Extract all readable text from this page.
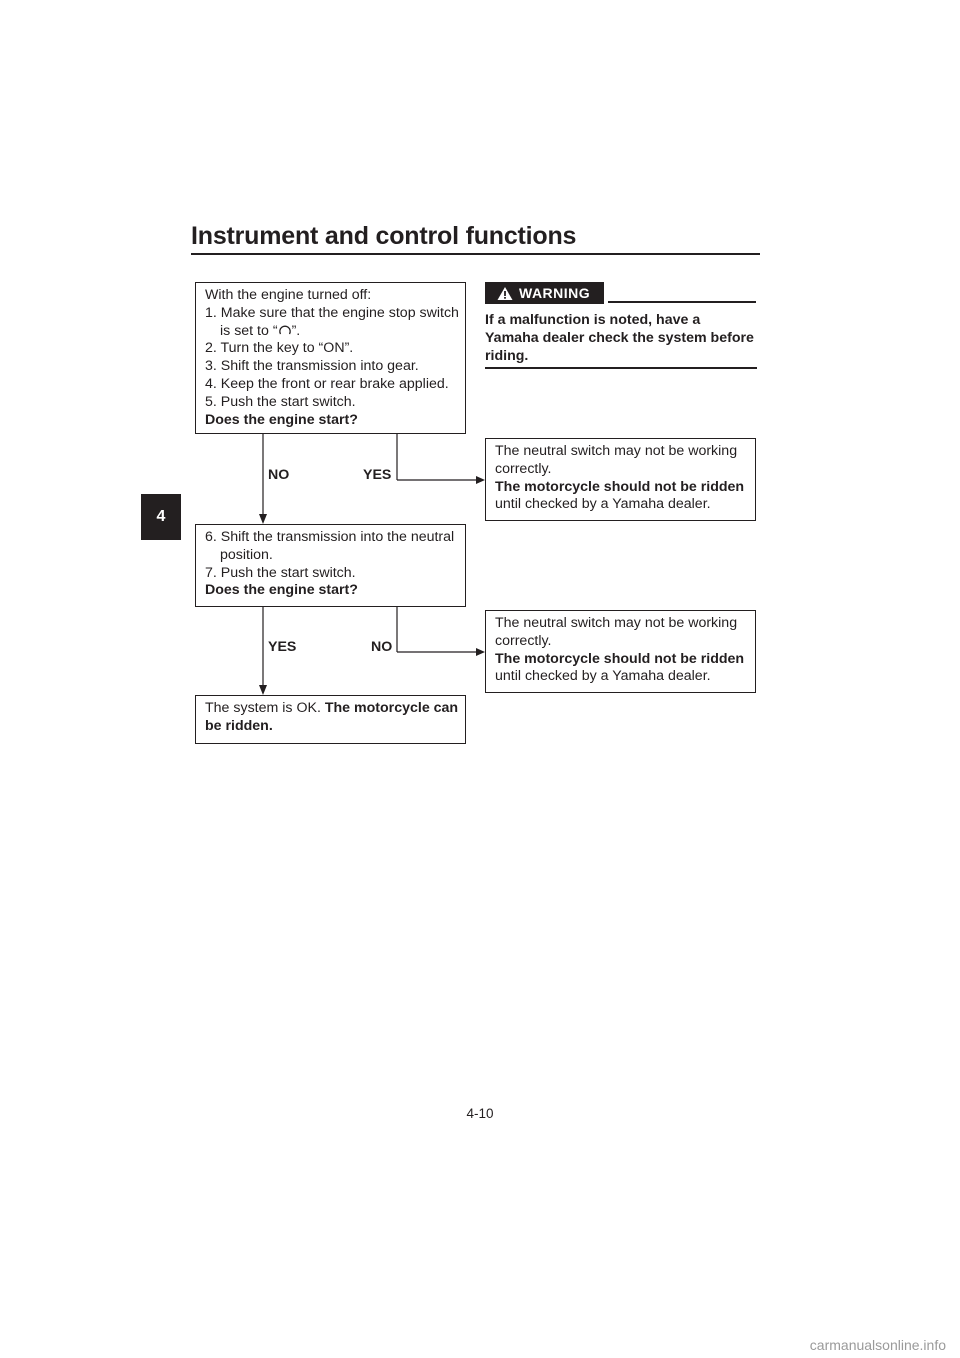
Instrument and control functions
4

With the engine turned off:

1. Make sure that the engine stop switch is set to “ ”.

2. Turn the key to “ON”.

3. Shift the transmission into gear.

4. Keep the front or rear brake applied.

5. Push the start switch.

Does the engine start?

NO	YES
WARNING
If a malfunction is noted, have a Yamaha dealer check the system before riding.

The neutral switch may not be working correctly.

The motorcycle should not be ridden

until checked by a Yamaha dealer.

6. Shift the transmission into the neutral position.

7. Push the start switch.

Does the engine start?

YES	NO

The neutral switch may not be working correctly.

The motorcycle should not be ridden

until checked by a Yamaha dealer.

The system is OK. The motorcycle can be ridden.

4-10
carmanualsonline.info
